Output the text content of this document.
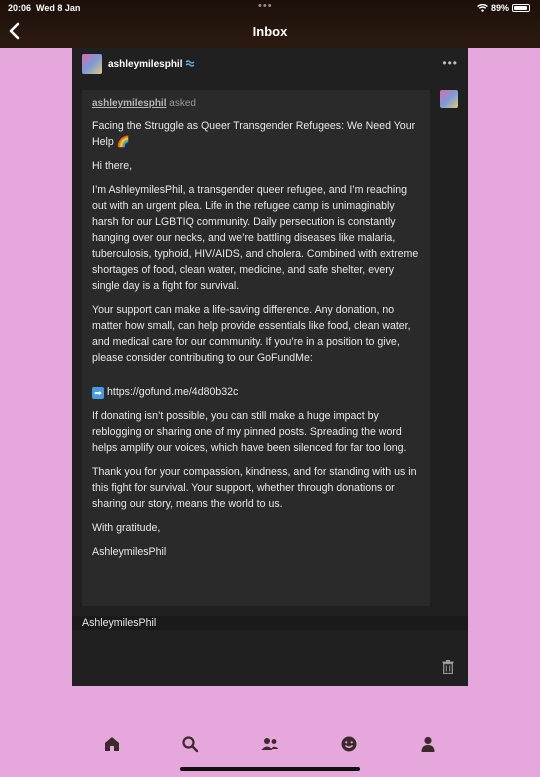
20:06 Wed 8 Jan	•••	89%
Inbox
ashleymilesphil	•••
ashleymilesphil asked

Facing the Struggle as Queer Transgender Refugees: We Need Your Help 🌈

Hi there,

I’m AshleymilesPhil, a transgender queer refugee, and I’m reaching out with an urgent plea. Life in the refugee camp is unimaginably harsh for our LGBTIQ community. Daily persecution is constantly hanging over our necks, and we’re battling diseases like malaria, tuberculosis, typhoid, HIV/AIDS, and cholera. Combined with extreme shortages of food, clean water, medicine, and safe shelter, every single day is a fight for survival.

Your support can make a life-saving difference. Any donation, no matter how small, can help provide essentials like food, clean water, and medical care for our community. If you’re in a position to give, please consider contributing to our GoFundMe:

➡ https://gofund.me/4d80b32c

If donating isn’t possible, you can still make a huge impact by reblogging or sharing one of my pinned posts. Spreading the word helps amplify our voices, which have been silenced for far too long.

Thank you for your compassion, kindness, and for standing with us in this fight for survival. Your support, whether through donations or sharing our story, means the world to us.

With gratitude,

AshleymilesPhil

AshleymilesPhil
